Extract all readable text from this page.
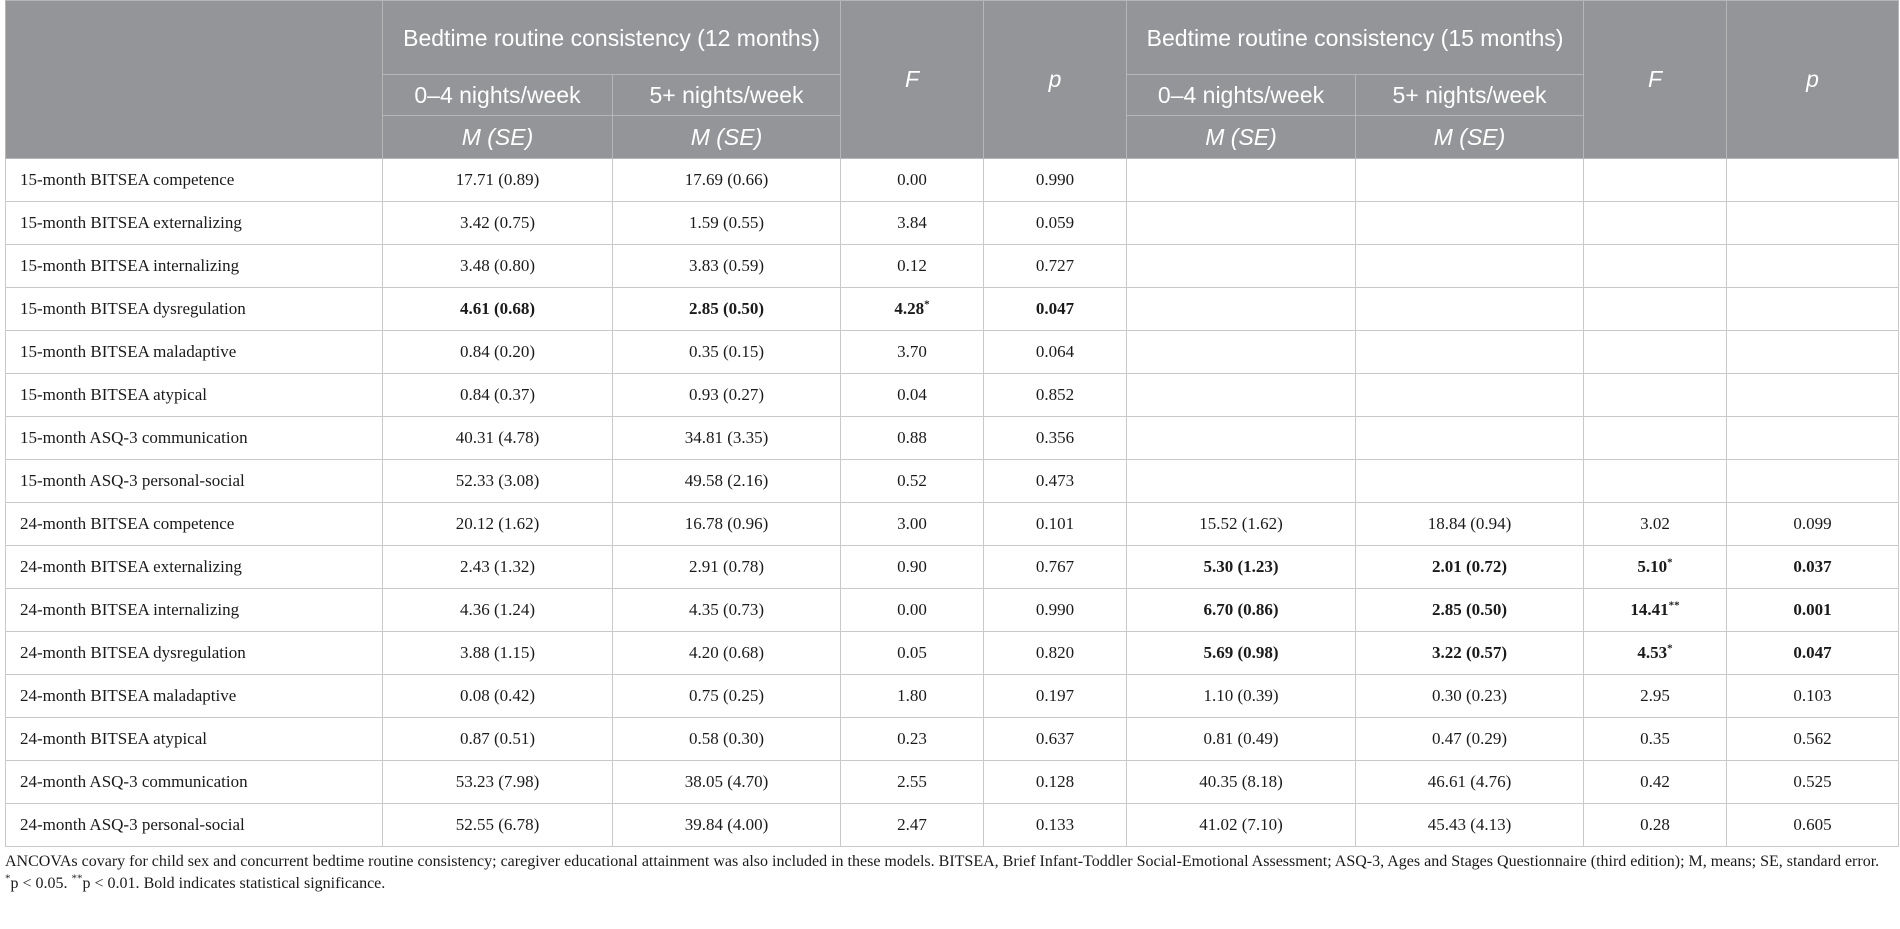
	Bedtime routine consistency (12 months)		F	p	Bedtime routine consistency (15 months)		F	p
	0–4 nights/week	5+ nights/week			0–4 nights/week	5+ nights/week		
	M (SE)	M (SE)			M (SE)	M (SE)		
15-month BITSEA competence	17.71 (0.89)	17.69 (0.66)	0.00	0.990				
15-month BITSEA externalizing	3.42 (0.75)	1.59 (0.55)	3.84	0.059				
15-month BITSEA internalizing	3.48 (0.80)	3.83 (0.59)	0.12	0.727				
15-month BITSEA dysregulation	4.61 (0.68)	2.85 (0.50)	4.28*	0.047				
15-month BITSEA maladaptive	0.84 (0.20)	0.35 (0.15)	3.70	0.064				
15-month BITSEA atypical	0.84 (0.37)	0.93 (0.27)	0.04	0.852				
15-month ASQ-3 communication	40.31 (4.78)	34.81 (3.35)	0.88	0.356				
15-month ASQ-3 personal-social	52.33 (3.08)	49.58 (2.16)	0.52	0.473				
24-month BITSEA competence	20.12 (1.62)	16.78 (0.96)	3.00	0.101	15.52 (1.62)	18.84 (0.94)	3.02	0.099
24-month BITSEA externalizing	2.43 (1.32)	2.91 (0.78)	0.90	0.767	5.30 (1.23)	2.01 (0.72)	5.10*	0.037
24-month BITSEA internalizing	4.36 (1.24)	4.35 (0.73)	0.00	0.990	6.70 (0.86)	2.85 (0.50)	14.41**	0.001
24-month BITSEA dysregulation	3.88 (1.15)	4.20 (0.68)	0.05	0.820	5.69 (0.98)	3.22 (0.57)	4.53*	0.047
24-month BITSEA maladaptive	0.08 (0.42)	0.75 (0.25)	1.80	0.197	1.10 (0.39)	0.30 (0.23)	2.95	0.103
24-month BITSEA atypical	0.87 (0.51)	0.58 (0.30)	0.23	0.637	0.81 (0.49)	0.47 (0.29)	0.35	0.562
24-month ASQ-3 communication	53.23 (7.98)	38.05 (4.70)	2.55	0.128	40.35 (8.18)	46.61 (4.76)	0.42	0.525
24-month ASQ-3 personal-social	52.55 (6.78)	39.84 (4.00)	2.47	0.133	41.02 (7.10)	45.43 (4.13)	0.28	0.605

ANCOVAs covary for child sex and concurrent bedtime routine consistency; caregiver educational attainment was also included in these models. BITSEA, Brief Infant-Toddler Social-Emotional Assessment; ASQ-3, Ages and Stages Questionnaire (third edition); M, means; SE, standard error.

*p < 0.05. **p < 0.01. Bold indicates statistical significance.
